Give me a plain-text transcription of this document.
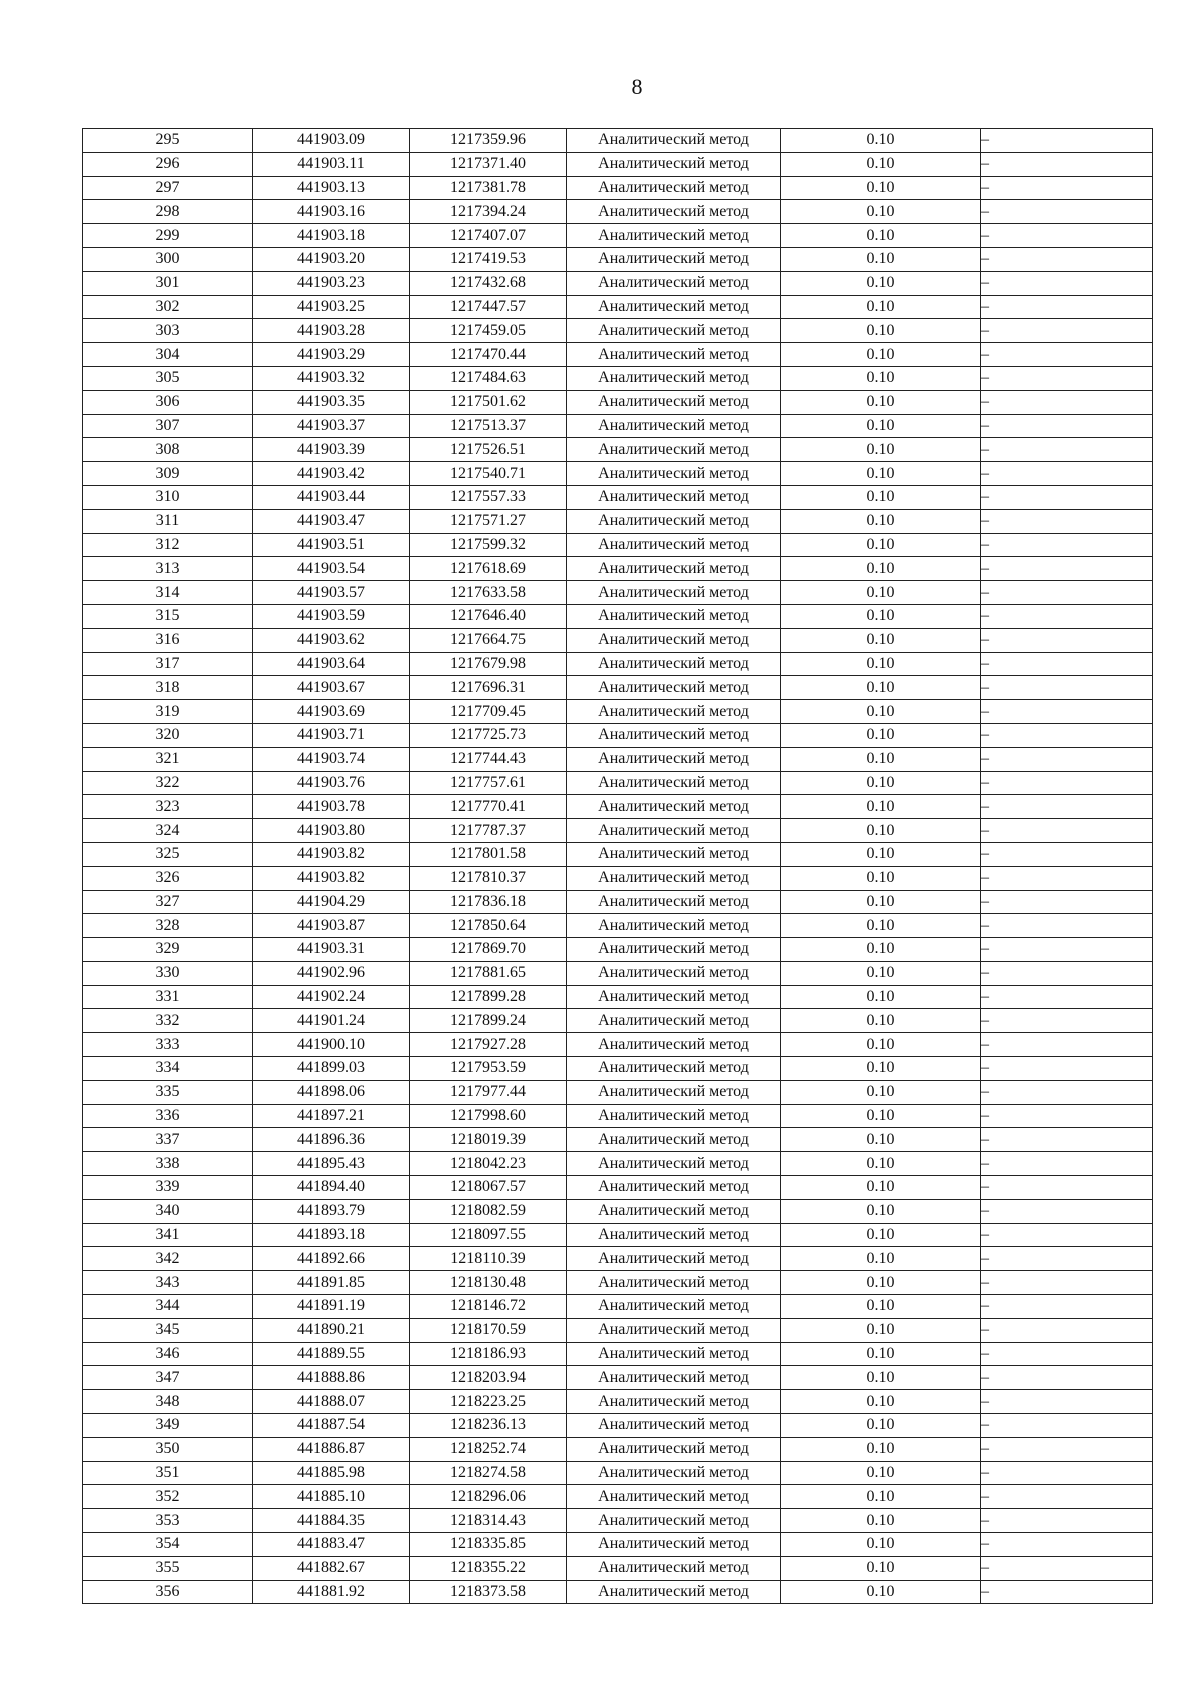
8
295	441903.09	1217359.96	Аналитический метод	0.10	–
296	441903.11	1217371.40	Аналитический метод	0.10	–
297	441903.13	1217381.78	Аналитический метод	0.10	–
298	441903.16	1217394.24	Аналитический метод	0.10	–
299	441903.18	1217407.07	Аналитический метод	0.10	–
300	441903.20	1217419.53	Аналитический метод	0.10	–
301	441903.23	1217432.68	Аналитический метод	0.10	–
302	441903.25	1217447.57	Аналитический метод	0.10	–
303	441903.28	1217459.05	Аналитический метод	0.10	–
304	441903.29	1217470.44	Аналитический метод	0.10	–
305	441903.32	1217484.63	Аналитический метод	0.10	–
306	441903.35	1217501.62	Аналитический метод	0.10	–
307	441903.37	1217513.37	Аналитический метод	0.10	–
308	441903.39	1217526.51	Аналитический метод	0.10	–
309	441903.42	1217540.71	Аналитический метод	0.10	–
310	441903.44	1217557.33	Аналитический метод	0.10	–
311	441903.47	1217571.27	Аналитический метод	0.10	–
312	441903.51	1217599.32	Аналитический метод	0.10	–
313	441903.54	1217618.69	Аналитический метод	0.10	–
314	441903.57	1217633.58	Аналитический метод	0.10	–
315	441903.59	1217646.40	Аналитический метод	0.10	–
316	441903.62	1217664.75	Аналитический метод	0.10	–
317	441903.64	1217679.98	Аналитический метод	0.10	–
318	441903.67	1217696.31	Аналитический метод	0.10	–
319	441903.69	1217709.45	Аналитический метод	0.10	–
320	441903.71	1217725.73	Аналитический метод	0.10	–
321	441903.74	1217744.43	Аналитический метод	0.10	–
322	441903.76	1217757.61	Аналитический метод	0.10	–
323	441903.78	1217770.41	Аналитический метод	0.10	–
324	441903.80	1217787.37	Аналитический метод	0.10	–
325	441903.82	1217801.58	Аналитический метод	0.10	–
326	441903.82	1217810.37	Аналитический метод	0.10	–
327	441904.29	1217836.18	Аналитический метод	0.10	–
328	441903.87	1217850.64	Аналитический метод	0.10	–
329	441903.31	1217869.70	Аналитический метод	0.10	–
330	441902.96	1217881.65	Аналитический метод	0.10	–
331	441902.24	1217899.28	Аналитический метод	0.10	–
332	441901.24	1217899.24	Аналитический метод	0.10	–
333	441900.10	1217927.28	Аналитический метод	0.10	–
334	441899.03	1217953.59	Аналитический метод	0.10	–
335	441898.06	1217977.44	Аналитический метод	0.10	–
336	441897.21	1217998.60	Аналитический метод	0.10	–
337	441896.36	1218019.39	Аналитический метод	0.10	–
338	441895.43	1218042.23	Аналитический метод	0.10	–
339	441894.40	1218067.57	Аналитический метод	0.10	–
340	441893.79	1218082.59	Аналитический метод	0.10	–
341	441893.18	1218097.55	Аналитический метод	0.10	–
342	441892.66	1218110.39	Аналитический метод	0.10	–
343	441891.85	1218130.48	Аналитический метод	0.10	–
344	441891.19	1218146.72	Аналитический метод	0.10	–
345	441890.21	1218170.59	Аналитический метод	0.10	–
346	441889.55	1218186.93	Аналитический метод	0.10	–
347	441888.86	1218203.94	Аналитический метод	0.10	–
348	441888.07	1218223.25	Аналитический метод	0.10	–
349	441887.54	1218236.13	Аналитический метод	0.10	–
350	441886.87	1218252.74	Аналитический метод	0.10	–
351	441885.98	1218274.58	Аналитический метод	0.10	–
352	441885.10	1218296.06	Аналитический метод	0.10	–
353	441884.35	1218314.43	Аналитический метод	0.10	–
354	441883.47	1218335.85	Аналитический метод	0.10	–
355	441882.67	1218355.22	Аналитический метод	0.10	–
356	441881.92	1218373.58	Аналитический метод	0.10	–
